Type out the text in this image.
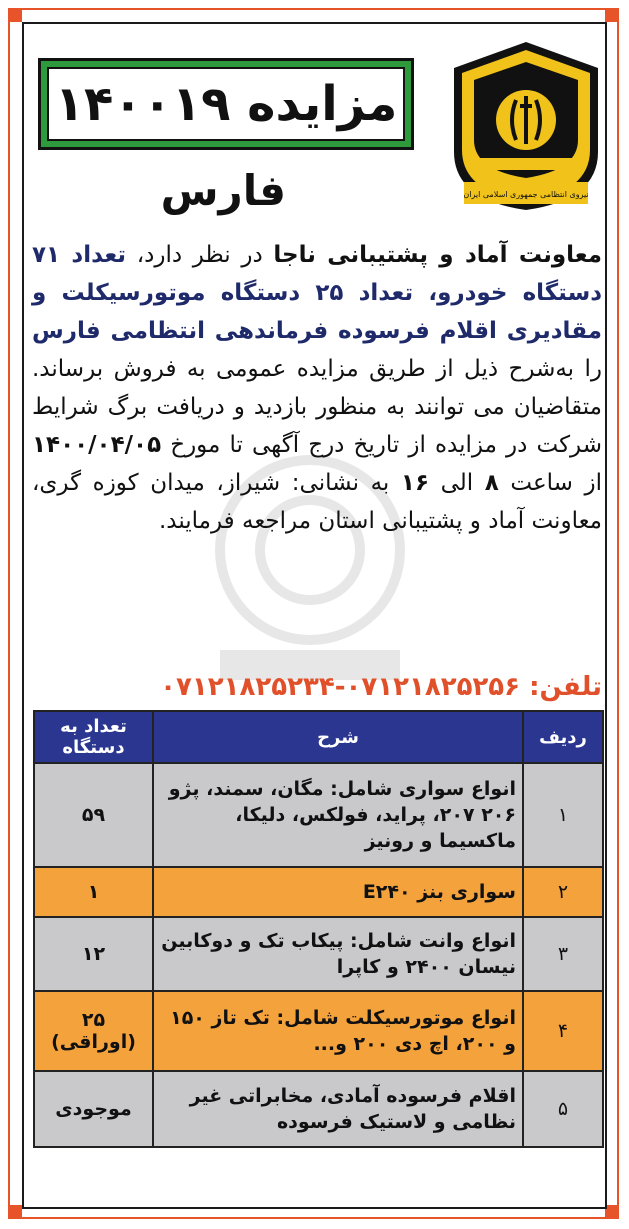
مزایده ۱۴۰۰۱۹
نیروی انتظامی جمهوری اسلامی ایران
فارس
معاونت آماد و پشتیبانی ناجا در نظر دارد، تعداد ۷۱ دستگاه خودرو، تعداد ۲۵ دستگاه موتورسیکلت و مقادیری اقلام فرسوده فرماندهی انتظامی فارس را به‌شرح ذیل از طریق مزایده عمومی به فروش برساند. متقاضیان می توانند به منظور بازدید و دریافت برگ شرایط شرکت در مزایده از تاریخ درج آگهی تا مورخ ۱۴۰۰/۰۴/۰۵ از ساعت ۸ الی ۱۶ به نشانی: شیراز، میدان کوزه گری، معاونت آماد و پشتیبانی استان مراجعه فرمایند.
تلفن: ۰۷۱۲۱۸۲۵۲۵۶-۰۷۱۲۱۸۲۵۲۳۴
ردیف	شرح	تعداد به دستگاه
۱	انواع سواری شامل: مگان، سمند، پژو ۲۰۶ ۲۰۷، پراید، فولکس، دلیکا، ماکسیما و رونیز	۵۹
۲	سواری بنز E۲۴۰	۱
۳	انواع وانت شامل: پیکاب تک و دوکابین نیسان ۲۴۰۰ و کاپرا	۱۲
۴	انواع موتورسیکلت شامل: تک تاز ۱۵۰ و ۲۰۰، اچ دی ۲۰۰ و...	۲۵ (اوراقی)
۵	اقلام فرسوده آمادی، مخابراتی غیر نظامی و لاستیک فرسوده	موجودی
